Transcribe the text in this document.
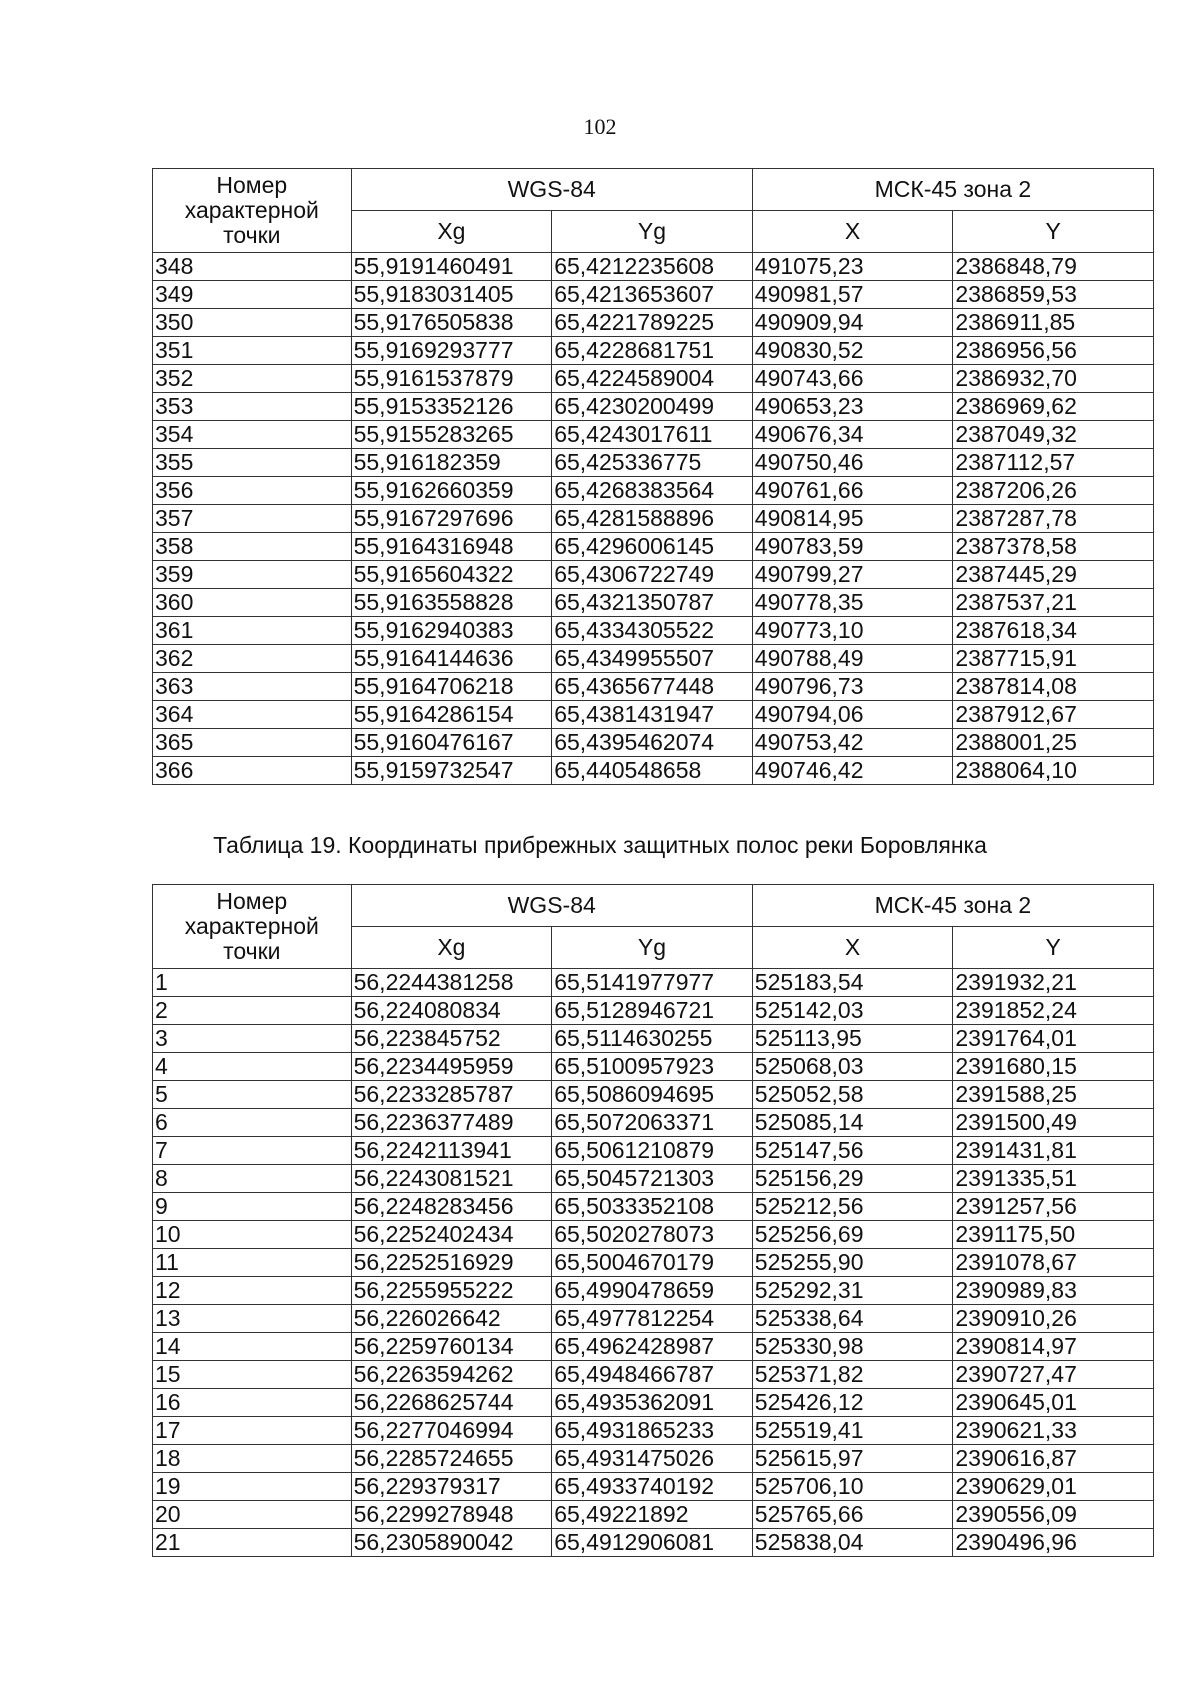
102
Номер характерной точки	WGS-84		МСК-45 зона 2	
	Xg	Yg	X	Y
348	55,9191460491	65,4212235608	491075,23	2386848,79
349	55,9183031405	65,4213653607	490981,57	2386859,53
350	55,9176505838	65,4221789225	490909,94	2386911,85
351	55,9169293777	65,4228681751	490830,52	2386956,56
352	55,9161537879	65,4224589004	490743,66	2386932,70
353	55,9153352126	65,4230200499	490653,23	2386969,62
354	55,9155283265	65,4243017611	490676,34	2387049,32
355	55,916182359	65,425336775	490750,46	2387112,57
356	55,9162660359	65,4268383564	490761,66	2387206,26
357	55,9167297696	65,4281588896	490814,95	2387287,78
358	55,9164316948	65,4296006145	490783,59	2387378,58
359	55,9165604322	65,4306722749	490799,27	2387445,29
360	55,9163558828	65,4321350787	490778,35	2387537,21
361	55,9162940383	65,4334305522	490773,10	2387618,34
362	55,9164144636	65,4349955507	490788,49	2387715,91
363	55,9164706218	65,4365677448	490796,73	2387814,08
364	55,9164286154	65,4381431947	490794,06	2387912,67
365	55,9160476167	65,4395462074	490753,42	2388001,25
366	55,9159732547	65,440548658	490746,42	2388064,10
Таблица 19. Координаты прибрежных защитных полос реки Боровлянка
Номер характерной точки	WGS-84		МСК-45 зона 2	
	Xg	Yg	X	Y
1	56,2244381258	65,5141977977	525183,54	2391932,21
2	56,224080834	65,5128946721	525142,03	2391852,24
3	56,223845752	65,5114630255	525113,95	2391764,01
4	56,2234495959	65,5100957923	525068,03	2391680,15
5	56,2233285787	65,5086094695	525052,58	2391588,25
6	56,2236377489	65,5072063371	525085,14	2391500,49
7	56,2242113941	65,5061210879	525147,56	2391431,81
8	56,2243081521	65,5045721303	525156,29	2391335,51
9	56,2248283456	65,5033352108	525212,56	2391257,56
10	56,2252402434	65,5020278073	525256,69	2391175,50
11	56,2252516929	65,5004670179	525255,90	2391078,67
12	56,2255955222	65,4990478659	525292,31	2390989,83
13	56,226026642	65,4977812254	525338,64	2390910,26
14	56,2259760134	65,4962428987	525330,98	2390814,97
15	56,2263594262	65,4948466787	525371,82	2390727,47
16	56,2268625744	65,4935362091	525426,12	2390645,01
17	56,2277046994	65,4931865233	525519,41	2390621,33
18	56,2285724655	65,4931475026	525615,97	2390616,87
19	56,229379317	65,4933740192	525706,10	2390629,01
20	56,2299278948	65,49221892	525765,66	2390556,09
21	56,2305890042	65,4912906081	525838,04	2390496,96
